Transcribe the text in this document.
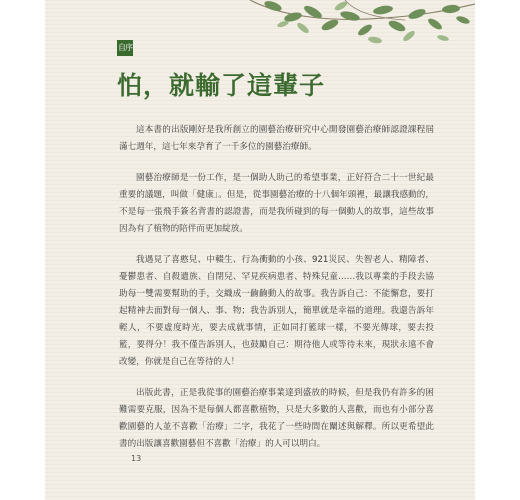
自序
怕，就輸了這輩子

這本書的出版剛好是我所創立的園藝治療研究中心開發園藝治療師認證課程屆滿七週年，這七年來孕育了一千多位的園藝治療師。

園藝治療師是一份工作，是一個助人助己的希望事業，正好符合二十一世紀最重要的議題，叫做「健康」。但是，從事園藝治療的十八個年頭裡，最讓我感動的，不是每一張飛手簽名背書的認證書，而是我所碰到的每一個動人的故事，這些故事因為有了植物的陪伴而更加綻放。

我遇見了喜憨兒、中輟生、行為衝動的小孩、921災民、失智老人、精障者、憂鬱患者、自殺遺族、自閉兒、罕見疾病患者、特殊兒童……我以專業的手段去協助每一雙需要幫助的手，交織成一齣齣動人的故事。我告訴自己：不能懈怠，要打起精神去面對每一個人、事、物；我告訴別人，簡單就是幸福的道理。我還告訴年輕人，不要虛度時光，要去成就事情，正如同打籃球一樣，不要光傳球，要去投籃，要得分！我不僅告訴別人，也鼓勵自己：期待他人或等待未來，現狀永遠不會改變，你就是自己在等待的人！

出版此書，正是我從事的園藝治療事業達到盛放的時候，但是我仍有許多的困難需要克服，因為不是每個人都喜歡植物，只是大多數的人喜歡，而也有小部分喜歡園藝的人並不喜歡「治療」二字，我花了一些時間在闡述與解釋。所以更希望此書的出版讓喜歡園藝但不喜歡「治療」的人可以明白。

13
